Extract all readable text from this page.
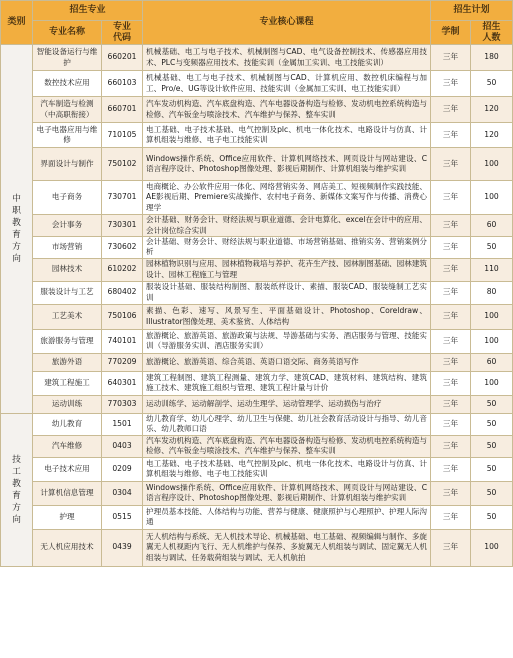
类别	招生专业		专业核心课程	招生计划	
	专业名称	专业代码		学制	招生人数
中职教育方向	智能设备运行与维护	660201	机械基础、电工与电子技术、机械制图与CAD、电气设备控制技术、传感器应用技术、PLC与变频器应用技术、技能实训（金属加工实训、电工技能实训）	三年	180
	数控技术应用	660103	机械基础、电工与电子技术、机械制图与CAD、计算机应用、数控机床编程与加工、Pro/e、UG等设计软件应用、技能实训（金属加工实训、电工技能实训）	三年	50
	汽车制造与检测（中高职衔接）	660701	汽车发动机构造、汽车底盘构造、汽车电器设备构造与检修、发动机电控系统构造与检修、汽车钣金与喷涂技术、汽车维护与保养、整车实训	三年	120
	电子电器应用与维修	710105	电工基础、电子技术基础、电气控制及plc、机电一体化技术、电路设计与仿真、计算机组装与维修、电子电工技能实训	三年	120
	界面设计与制作	750102	Windows操作系统、Office应用软件、计算机网络技术、网页设计与网站建设、C语言程序设计、Photoshop图像处理、影视后期制作、计算机组装与维护实训	三年	100
	电子商务	730701	电商概论、办公软件应用一体化、网络营销实务、网店美工、短视频制作实践技能、AE影视后期、Premiere实战操作、农村电子商务、新媒体文案写作与传播、消费心理学	三年	100
	会计事务	730301	会计基础、财务会计、财经法规与职业道德、会计电算化、excel在会计中的应用、会计岗位综合实训	三年	60
	市场营销	730602	会计基础、财务会计、财经法规与职业道德、市场营销基础、推销实务、营销案例分析	三年	50
	园林技术	610202	园林植物识别与应用、园林植物栽培与养护、花卉生产技、园林制图基础、园林建筑设计、园林工程施工与管理	三年	110
	服装设计与工艺	680402	服装设计基础、服装结构制图、服装纸样设计、素描、服装CAD、服装缝制工艺实训	三年	80
	工艺美术	750106	素描、色彩、速写、风景写生、平面基础设计、Photoshop、Coreldraw、Illustrator图像处理、美术鉴赏、人体结构	三年	100
	旅游服务与管理	740101	旅游概论、旅游英语、旅游政策与法规、导游基础与实务、酒店服务与管理、技能实训（导游服务实训、酒店服务实训）	三年	100
	旅游外语	770209	旅游概论、旅游英语、综合英语、英语口语交际、商务英语写作	三年	60
	建筑工程施工	640301	建筑工程制图、建筑工程测量、建筑力学、建筑CAD、建筑材料、建筑结构、建筑施工技术、建筑施工组织与管理、建筑工程计量与计价	三年	100
	运动训练	770303	运动训练学、运动解剖学、运动生理学、运动管理学、运动损伤与治疗	三年	50
技工教育方向	幼儿教育	1501	幼儿教育学、幼儿心理学、幼儿卫生与保健、幼儿社会教育活动设计与指导、幼儿音乐、幼儿教师口语	三年	50
	汽车维修	0403	汽车发动机构造、汽车底盘构造、汽车电器设备构造与检修、发动机电控系统构造与检修、汽车钣金与喷涂技术、汽车维护与保养、整车实训	三年	50
	电子技术应用	0209	电工基础、电子技术基础、电气控制及plc、机电一体化技术、电路设计与仿真、计算机组装与维修、电子电工技能实训	三年	50
	计算机信息管理	0304	Windows操作系统、Office应用软件、计算机网络技术、网页设计与网站建设、C语言程序设计、Photoshop图像处理、影视后期制作、计算机组装与维护实训	三年	50
	护理	0515	护理员基本技能、人体结构与功能、营养与健康、健康照护与心理照护、护理人际沟通	三年	50
	无人机应用技术	0439	无人机结构与系统、无人机技术导论、机械基础、电工基础、视频编辑与制作、多旋翼无人机视距内飞行、无人机维护与保养、多旋翼无人机组装与调试、固定翼无人机组装与调试、任务载荷组装与调试、无人机航拍	三年	100
